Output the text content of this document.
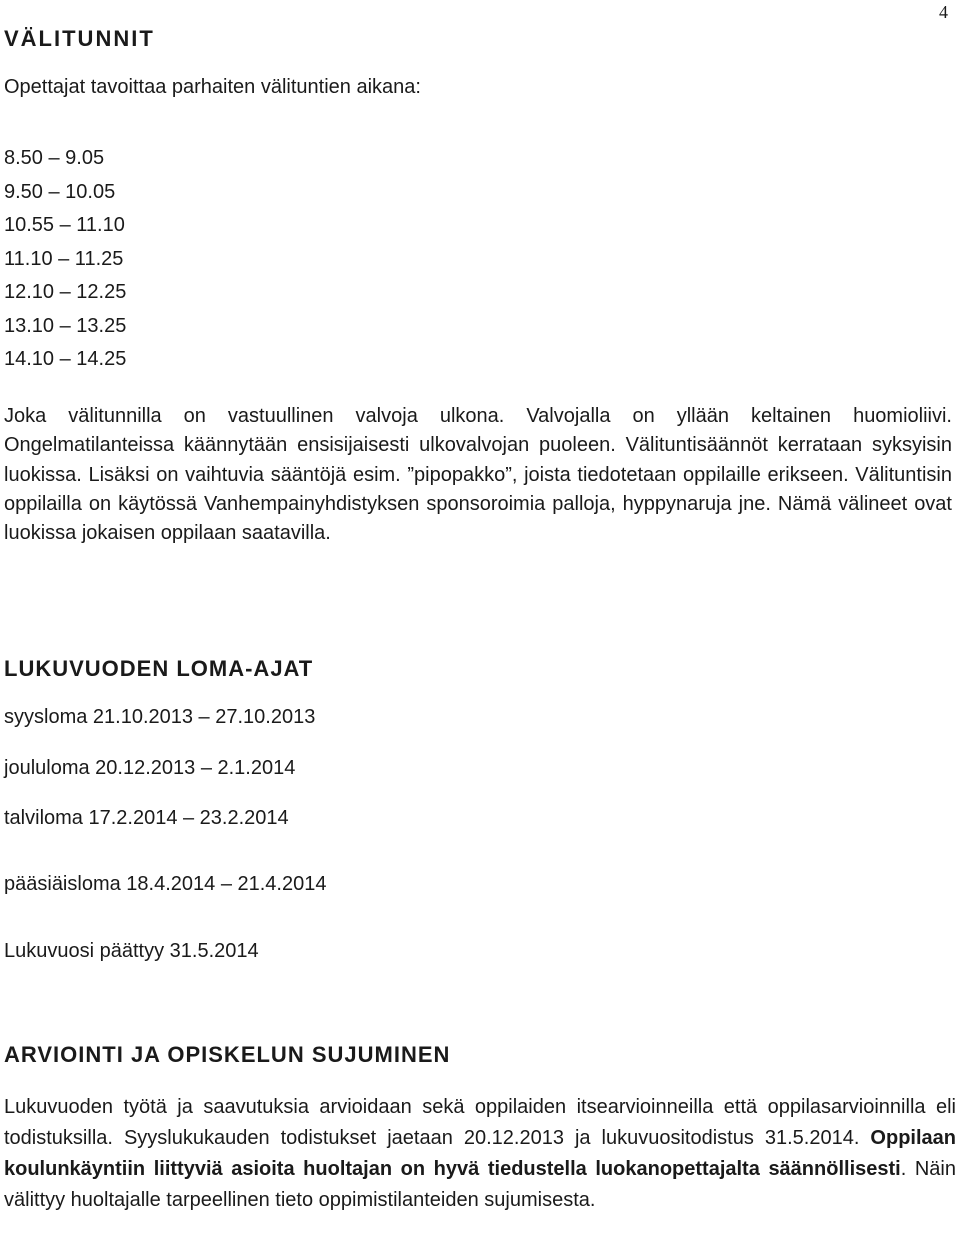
4
VÄLITUNNIT
Opettajat tavoittaa parhaiten välituntien aikana:
8.50 – 9.05
9.50 – 10.05
10.55 – 11.10
11.10 – 11.25
12.10 – 12.25
13.10 – 13.25
14.10 – 14.25

Joka välitunnilla on vastuullinen valvoja ulkona. Valvojalla on yllään keltainen huomioliivi. Ongelmatilanteissa käännytään ensisijaisesti ulkovalvojan puoleen. Välituntisäännöt kerrataan syksyisin luokissa. Lisäksi on vaihtuvia sääntöjä esim. ”pipopakko”, joista tiedotetaan oppilaille erikseen. Välituntisin oppilailla on käytössä Vanhempainyhdistyksen sponsoroimia palloja, hyppynaruja jne. Nämä välineet ovat luokissa jokaisen oppilaan saatavilla.

LUKUVUODEN LOMA-AJAT

syysloma 21.10.2013 – 27.10.2013

joululoma 20.12.2013 – 2.1.2014

talviloma 17.2.2014 – 23.2.2014

pääsiäisloma 18.4.2014 – 21.4.2014

Lukuvuosi päättyy 31.5.2014

ARVIOINTI JA OPISKELUN SUJUMINEN

Lukuvuoden työtä ja saavutuksia arvioidaan sekä oppilaiden itsearvioinneilla että oppilasarvioinnilla eli todistuksilla. Syyslukukauden todistukset jaetaan 20.12.2013 ja lukuvuositodistus 31.5.2014. Oppilaan koulunkäyntiin liittyviä asioita huoltajan on hyvä tiedustella luokanopettajalta säännöllisesti. Näin välittyy huoltajalle tarpeellinen tieto oppimistilanteiden sujumisesta.
